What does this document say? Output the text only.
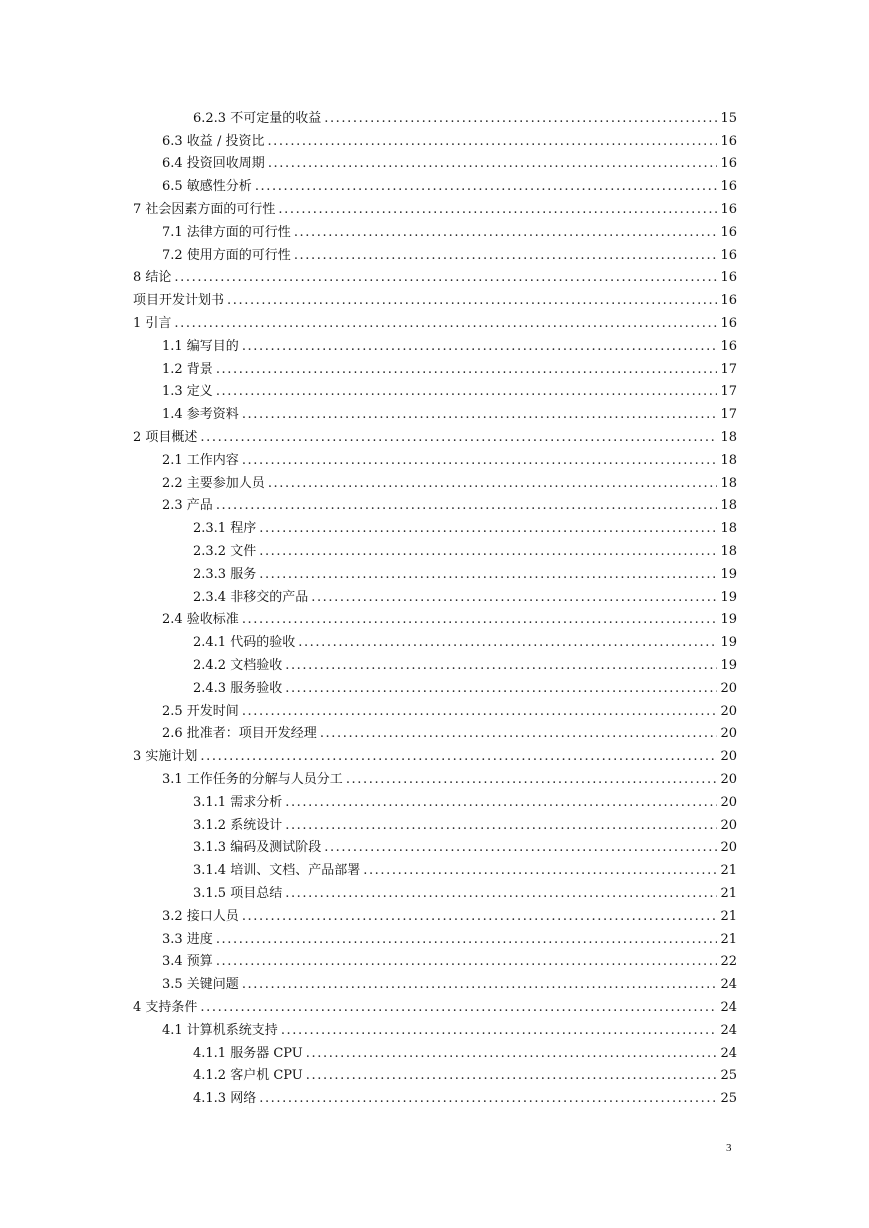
6.2.3 不可定量的收益 .....	15
6.3 收益 / 投资比 .....	16
6.4 投资回收周期 .....	16
6.5 敏感性分析 .....	16
7 社会因素方面的可行性 .....	16
7.1 法律方面的可行性 .....	16
7.2 使用方面的可行性 .....	16
8 结论 .....	16
项目开发计划书 .....	16
1 引言 .....	16
1.1 编写目的 .....	16
1.2 背景 .....	17
1.3 定义 .....	17
1.4 参考资料 .....	17
2 项目概述 .....	18
2.1 工作内容 .....	18
2.2 主要参加人员 .....	18
2.3 产品 .....	18
2.3.1 程序 .....	18
2.3.2 文件 .....	18
2.3.3 服务 .....	19
2.3.4 非移交的产品 .....	19
2.4 验收标准 .....	19
2.4.1 代码的验收 .....	19
2.4.2 文档验收 .....	19
2.4.3 服务验收 .....	20
2.5 开发时间 .....	20
2.6 批准者：项目开发经理 .....	20
3 实施计划 .....	20
3.1 工作任务的分解与人员分工 .....	20
3.1.1 需求分析 .....	20
3.1.2 系统设计 .....	20
3.1.3 编码及测试阶段 .....	20
3.1.4 培训、文档、产品部署 .....	21
3.1.5 项目总结 .....	21
3.2 接口人员 .....	21
3.3 进度 .....	21
3.4 预算 .....	22
3.5 关键问题 .....	24
4 支持条件 .....	24
4.1 计算机系统支持 .....	24
4.1.1 服务器 CPU .....	24
4.1.2 客户机 CPU .....	25
4.1.3 网络 .....	25
3
